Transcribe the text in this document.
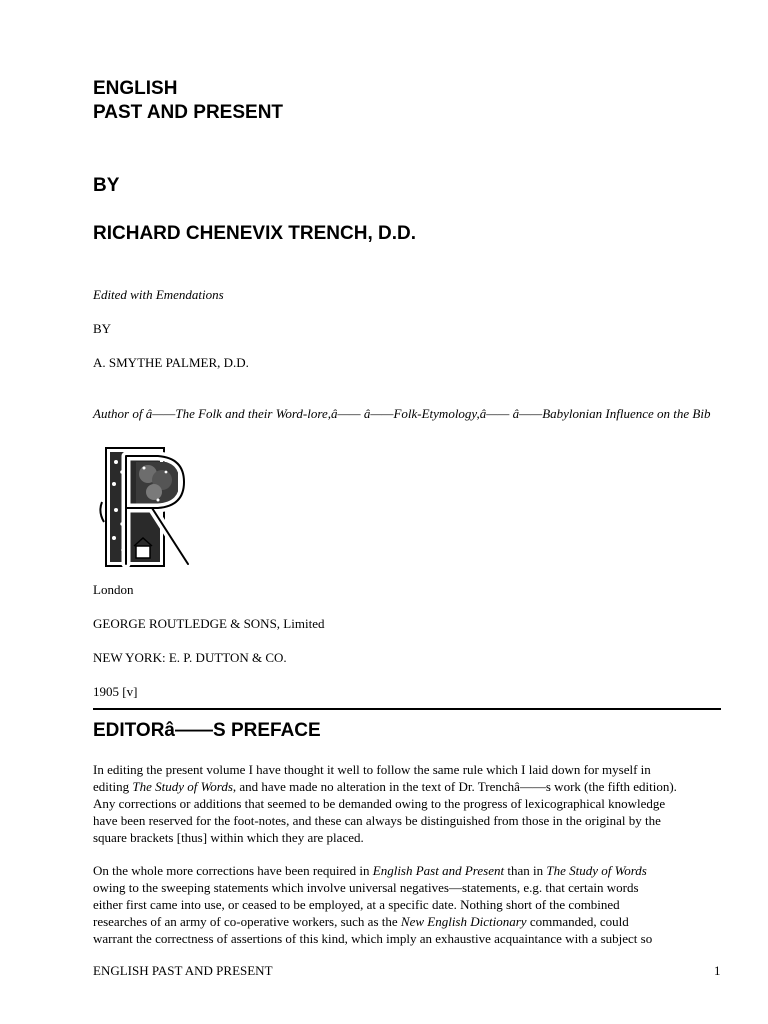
ENGLISH
PAST AND PRESENT
BY
RICHARD CHENEVIX TRENCH, D.D.

Edited with Emendations

BY

A. SMYTHE PALMER, D.D.

Author of â——The Folk and their Word-lore,â—— â——Folk-Etymology,â—— â——Babylonian Influence on the Bib

London

GEORGE ROUTLEDGE & SONS, Limited

NEW YORK: E. P. DUTTON & CO.

1905 [v]

EDITORâ——S PREFACE
In editing the present volume I have thought it well to follow the same rule which I laid down for myself in
editing The Study of Words, and have made no alteration in the text of Dr. Trenchâ——s work (the fifth edition).
Any corrections or additions that seemed to be demanded owing to the progress of lexicographical knowledge
have been reserved for the foot-notes, and these can always be distinguished from those in the original by the
square brackets [thus] within which they are placed.
On the whole more corrections have been required in English Past and Present than in The Study of Words
owing to the sweeping statements which involve universal negatives—statements, e.g. that certain words
either first came into use, or ceased to be employed, at a specific date. Nothing short of the combined
researches of an army of co-operative workers, such as the New English Dictionary commanded, could
warrant the correctness of assertions of this kind, which imply an exhaustive acquaintance with a subject so

ENGLISH PAST AND PRESENT	1
